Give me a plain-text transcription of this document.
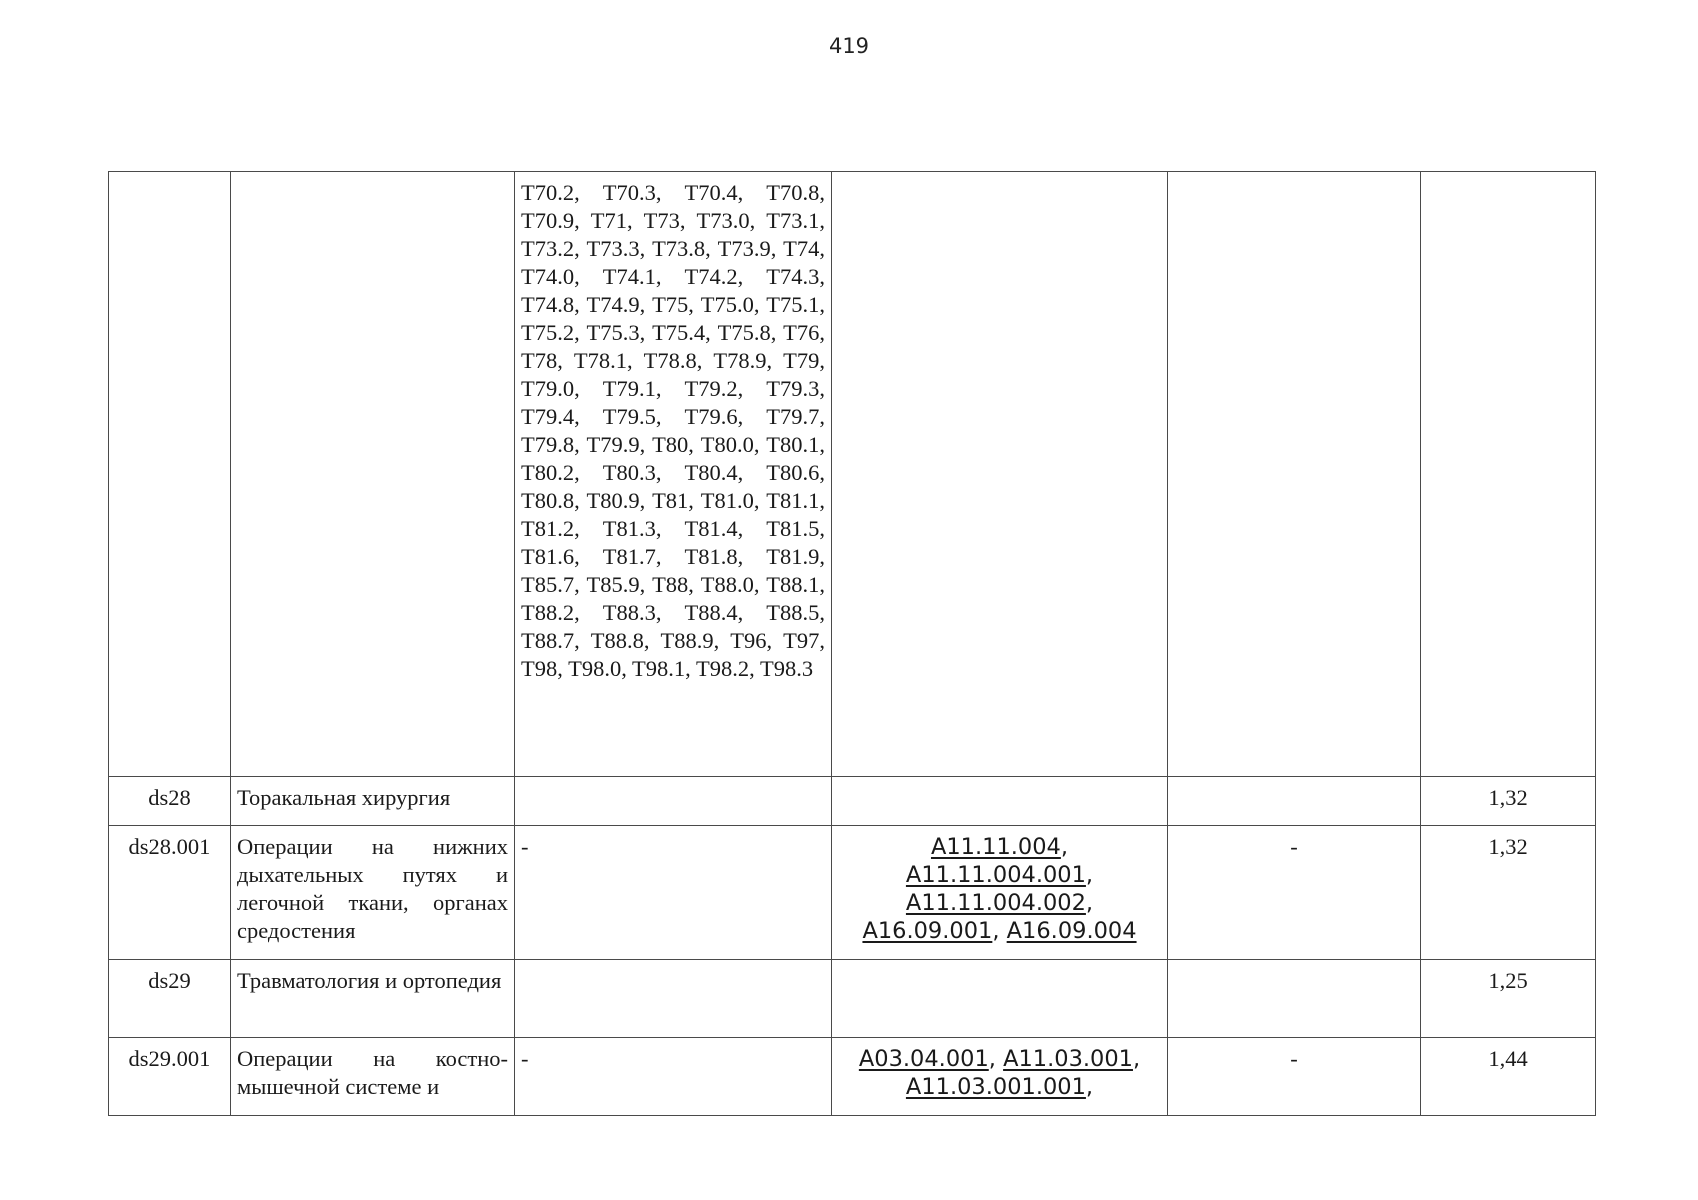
419
		T70.2, T70.3, T70.4, T70.8, T70.9, T71, T73, T73.0, T73.1, T73.2, T73.3, T73.8, T73.9, T74, T74.0, T74.1, T74.2, T74.3, T74.8, T74.9, T75, T75.0, T75.1, T75.2, T75.3, T75.4, T75.8, T76, T78, T78.1, T78.8, T78.9, T79, T79.0, T79.1, T79.2, T79.3, T79.4, T79.5, T79.6, T79.7, T79.8, T79.9, T80, T80.0, T80.1, T80.2, T80.3, T80.4, T80.6, T80.8, T80.9, T81, T81.0, T81.1, T81.2, T81.3, T81.4, T81.5, T81.6, T81.7, T81.8, T81.9, T85.7, T85.9, T88, T88.0, T88.1, T88.2, T88.3, T88.4, T88.5, T88.7, T88.8, T88.9, T96, T97, T98, T98.0, T98.1, T98.2, T98.3			
ds28	Торакальная хирургия				1,32
ds28.001	Операции на нижних дыхательных путях и легочной ткани, органах средостения	-	A11.11.004, A11.11.004.001, A11.11.004.002, A16.09.001, A16.09.004	-	1,32
ds29	Травматология и ортопедия				1,25
ds29.001	Операции на костно-мышечной системе и	-	A03.04.001, A11.03.001, A11.03.001.001,	-	1,44
